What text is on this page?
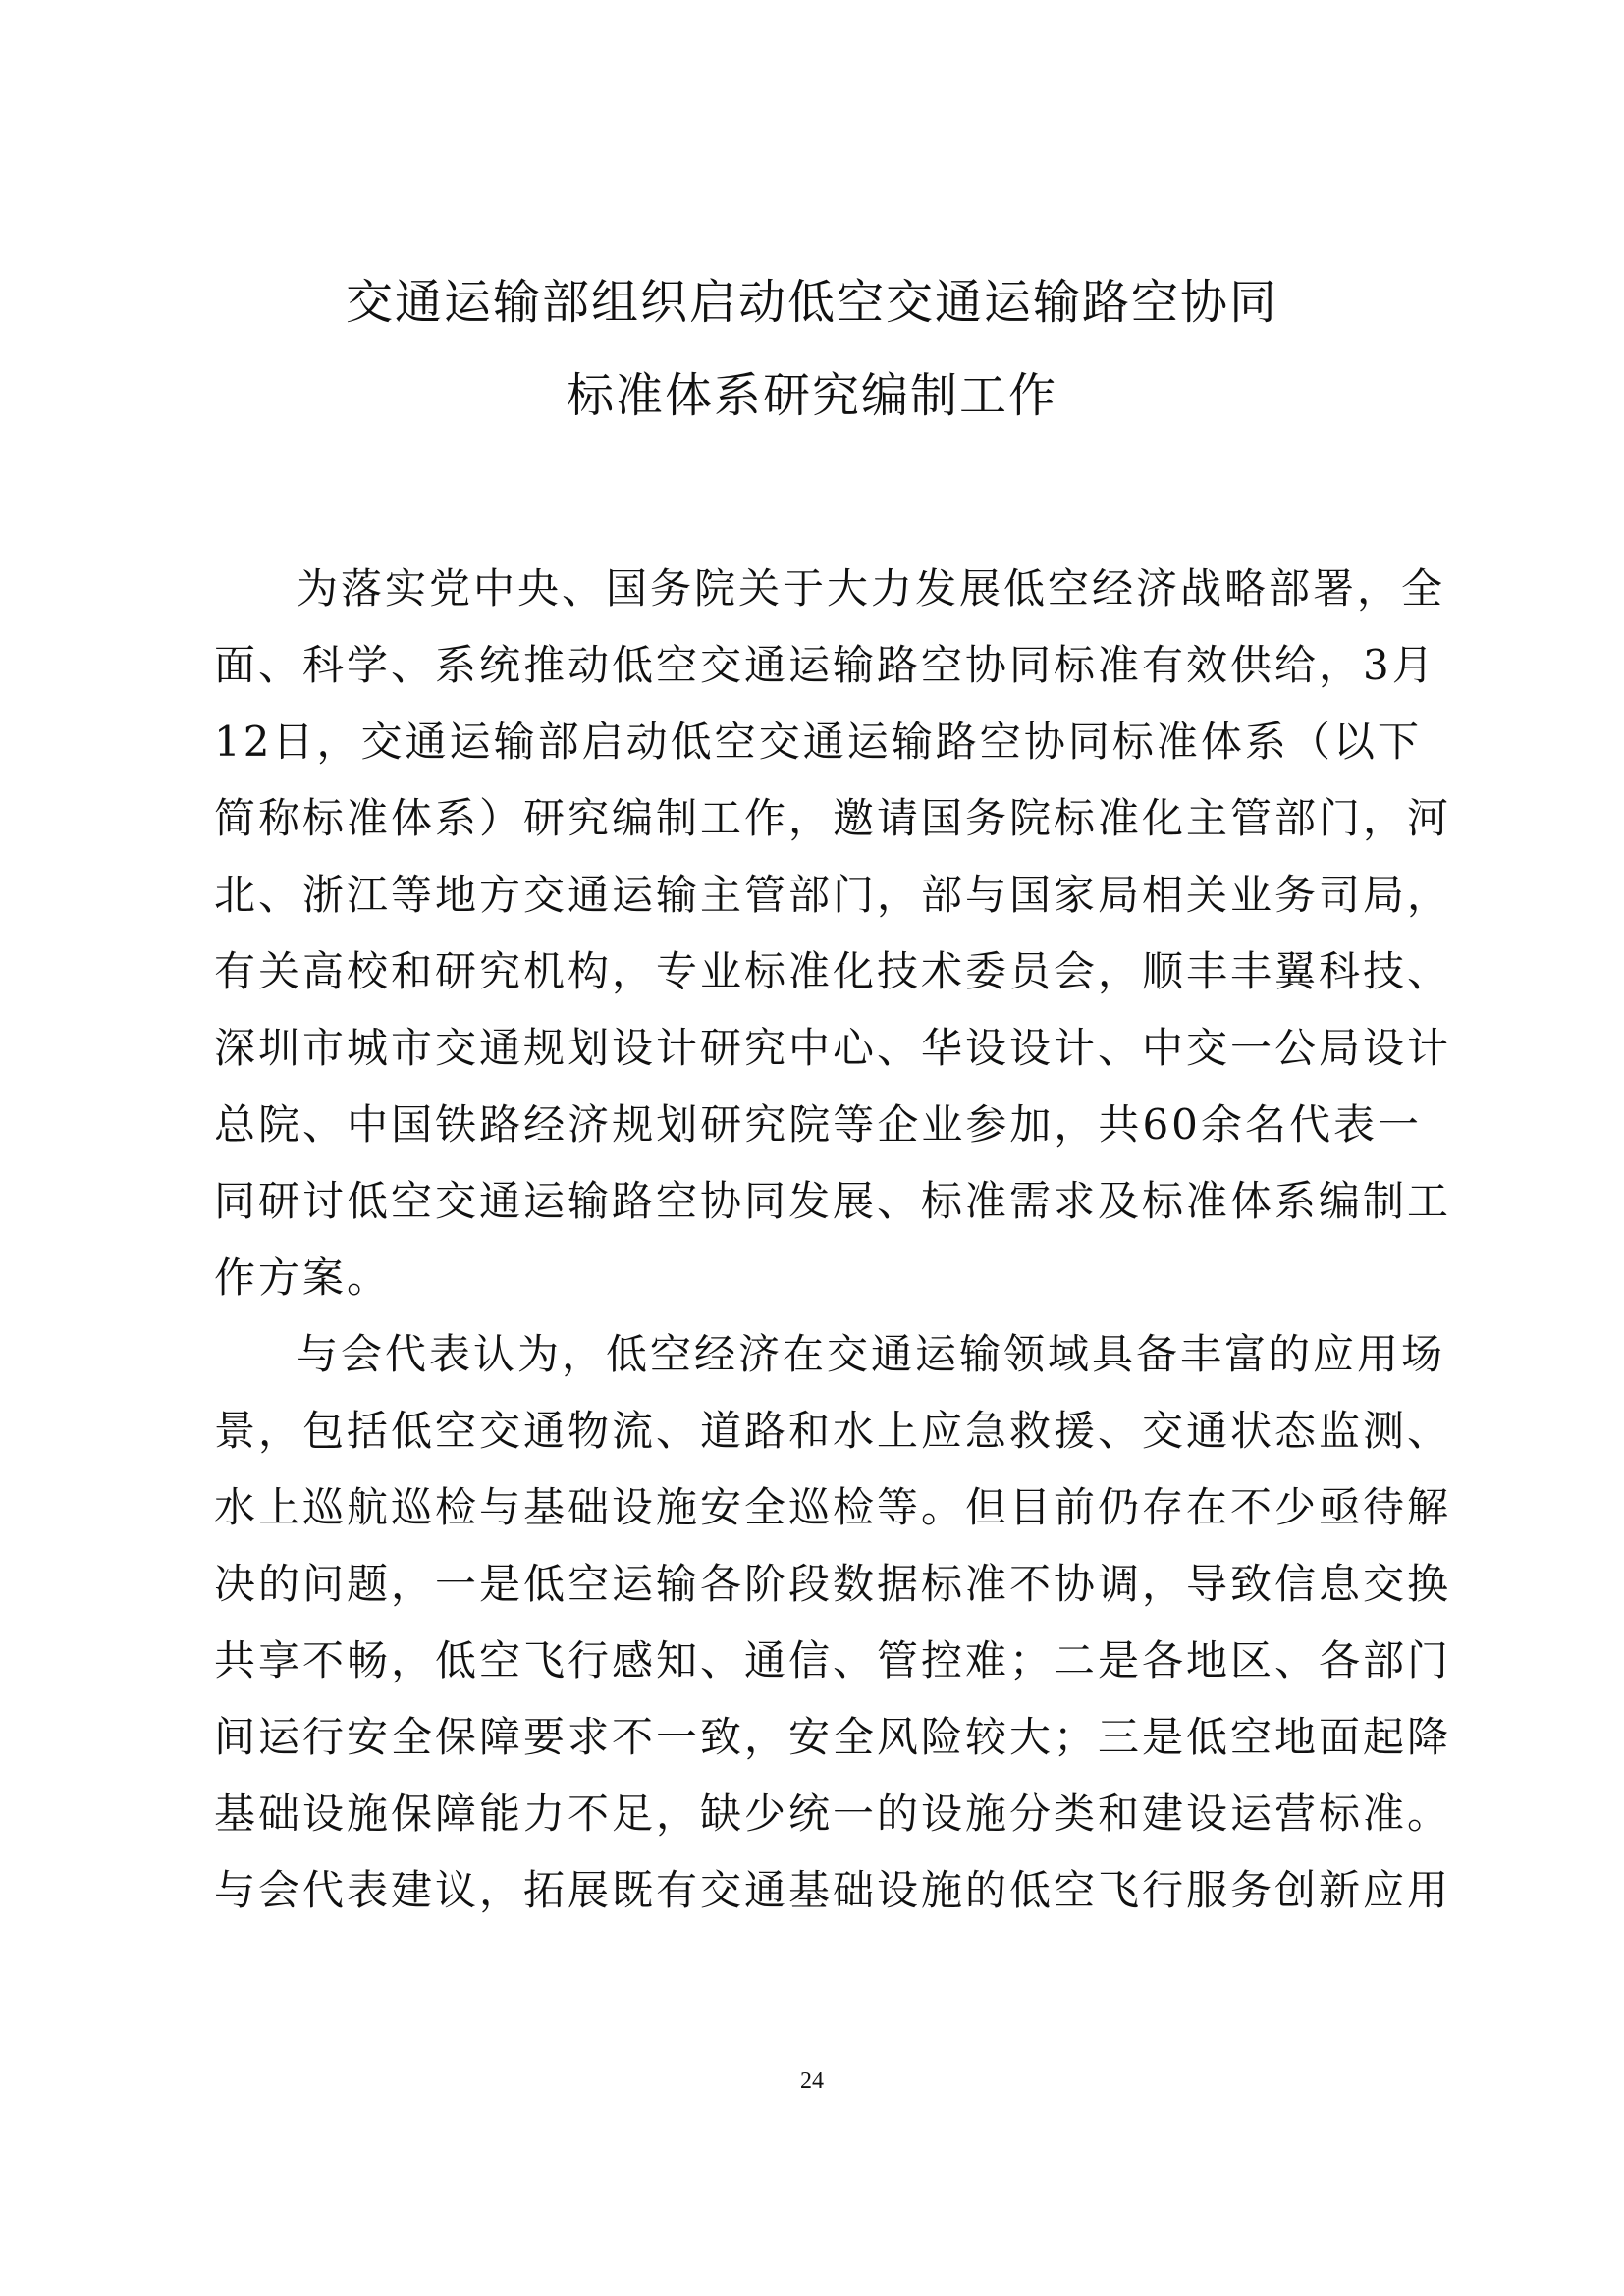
交通运输部组织启动低空交通运输路空协同
标准体系研究编制工作
为落实党中央、国务院关于大力发展低空经济战略部署，全
面、科学、系统推动低空交通运输路空协同标准有效供给，3月
12日，交通运输部启动低空交通运输路空协同标准体系（以下
简称标准体系）研究编制工作，邀请国务院标准化主管部门，河
北、浙江等地方交通运输主管部门，部与国家局相关业务司局，
有关高校和研究机构，专业标准化技术委员会，顺丰丰翼科技、
深圳市城市交通规划设计研究中心、华设设计、中交一公局设计
总院、中国铁路经济规划研究院等企业参加，共60余名代表一
同研讨低空交通运输路空协同发展、标准需求及标准体系编制工
作方案。
与会代表认为，低空经济在交通运输领域具备丰富的应用场
景，包括低空交通物流、道路和水上应急救援、交通状态监测、
水上巡航巡检与基础设施安全巡检等。但目前仍存在不少亟待解
决的问题，一是低空运输各阶段数据标准不协调，导致信息交换
共享不畅，低空飞行感知、通信、管控难；二是各地区、各部门
间运行安全保障要求不一致，安全风险较大；三是低空地面起降
基础设施保障能力不足，缺少统一的设施分类和建设运营标准。
与会代表建议，拓展既有交通基础设施的低空飞行服务创新应用
24
